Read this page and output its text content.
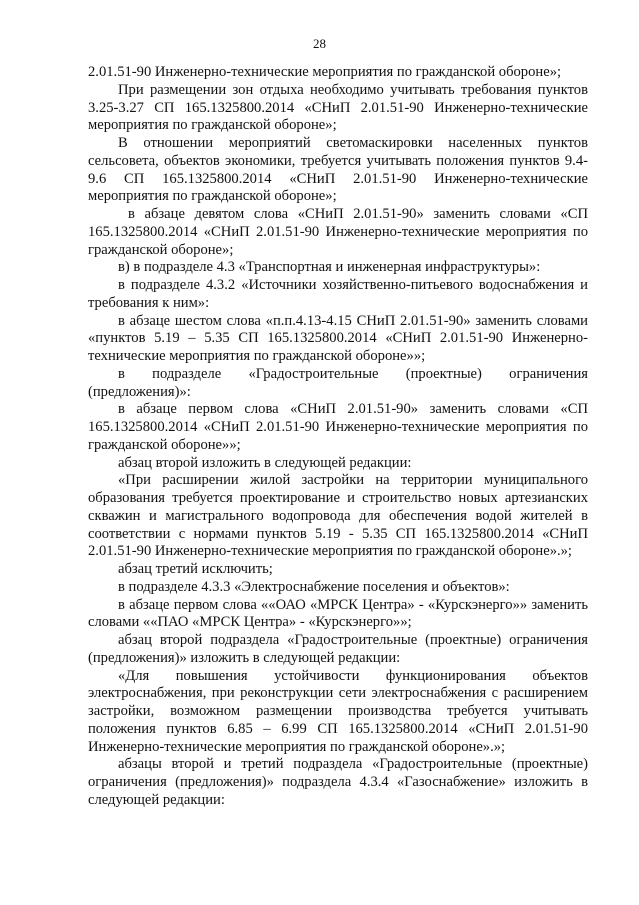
28

2.01.51-90 Инженерно-технические мероприятия по гражданской обороне»;

При размещении зон отдыха необходимо учитывать требования пунктов 3.25-3.27 СП 165.1325800.2014 «СНиП 2.01.51-90 Инженерно-технические мероприятия по гражданской обороне»;

В отношении мероприятий светомаскировки населенных пунктов сельсовета, объектов экономики, требуется учитывать положения пунктов 9.4-9.6 СП 165.1325800.2014 «СНиП 2.01.51-90 Инженерно-технические мероприятия по гражданской обороне»;

в абзаце девятом слова «СНиП 2.01.51-90» заменить словами «СП 165.1325800.2014 «СНиП 2.01.51-90 Инженерно-технические мероприятия по гражданской обороне»;

в) в подразделе 4.3 «Транспортная и инженерная инфраструктуры»:

в подразделе 4.3.2 «Источники хозяйственно-питьевого водоснабжения и требования к ним»:

в абзаце шестом слова «п.п.4.13-4.15 СНиП 2.01.51-90» заменить словами «пунктов 5.19 – 5.35 СП 165.1325800.2014 «СНиП 2.01.51-90 Инженерно-технические мероприятия по гражданской обороне»»;

в подразделе «Градостроительные (проектные) ограничения (предложения)»:

в абзаце первом слова «СНиП 2.01.51-90» заменить словами «СП 165.1325800.2014 «СНиП 2.01.51-90 Инженерно-технические мероприятия по гражданской обороне»»;

абзац второй изложить в следующей редакции:

«При расширении жилой застройки на территории муниципального образования требуется проектирование и строительство новых артезианских скважин и магистрального водопровода для обеспечения водой жителей в соответствии с нормами пунктов 5.19 - 5.35 СП 165.1325800.2014 «СНиП 2.01.51-90 Инженерно-технические мероприятия по гражданской обороне».»;

абзац третий исключить;

в подразделе 4.3.3 «Электроснабжение поселения и объектов»:

в абзаце первом слова ««ОАО «МРСК Центра» - «Курскэнерго»» заменить словами ««ПАО «МРСК Центра» - «Курскэнерго»»;

абзац второй подраздела «Градостроительные (проектные) ограничения (предложения)» изложить в следующей редакции:

«Для повышения устойчивости функционирования объектов электроснабжения, при реконструкции сети электроснабжения с расширением застройки, возможном размещении производства требуется учитывать положения пунктов 6.85 – 6.99 СП 165.1325800.2014 «СНиП 2.01.51-90 Инженерно-технические мероприятия по гражданской обороне».»;

абзацы второй и третий подраздела «Градостроительные (проектные) ограничения (предложения)» подраздела 4.3.4 «Газоснабжение» изложить в следующей редакции:
